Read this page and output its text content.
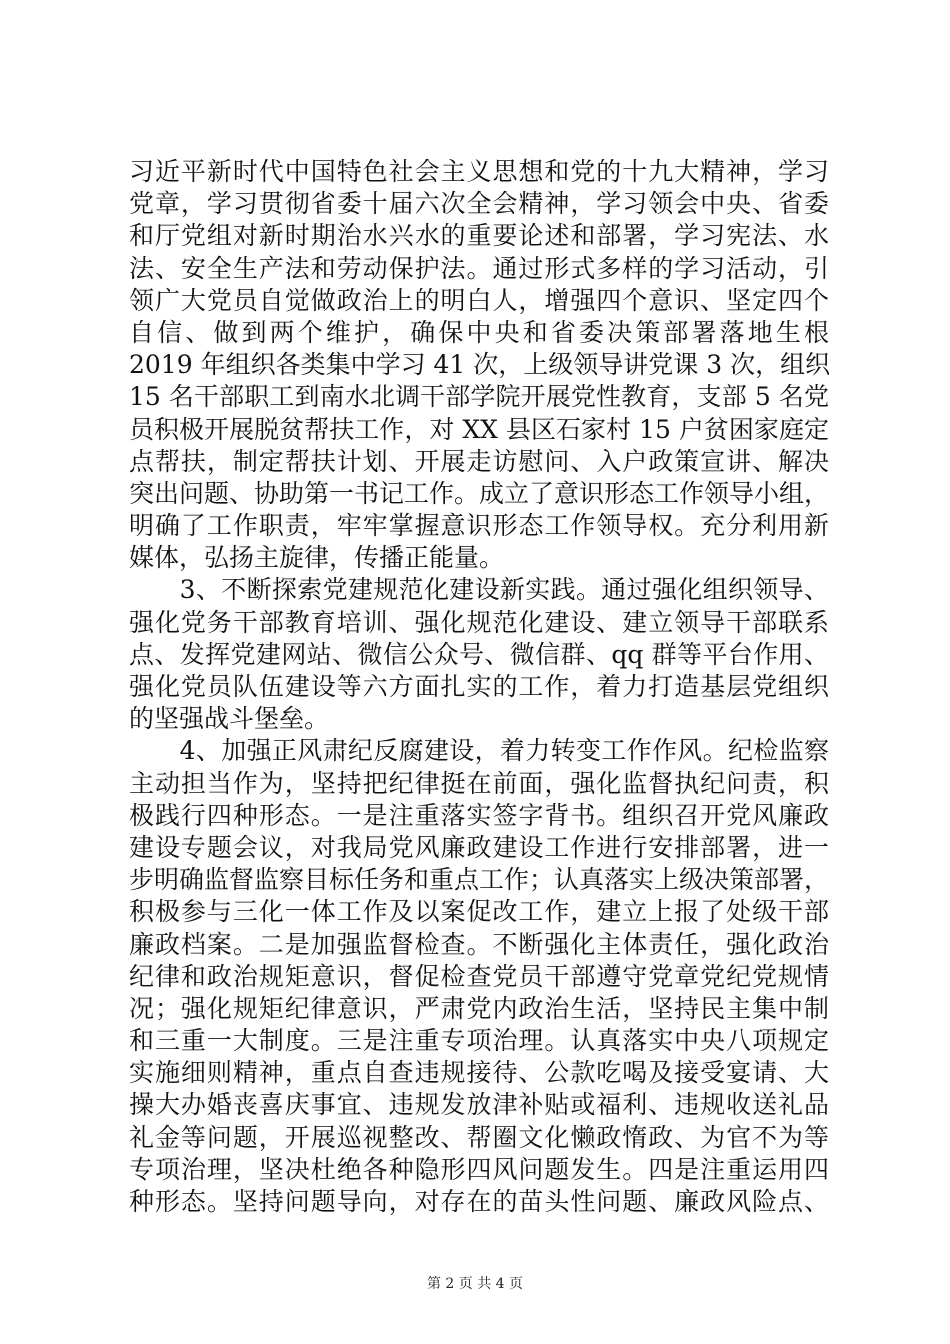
习近平新时代中国特色社会主义思想和党的十九大精神，学习
党章，学习贯彻省委十届六次全会精神，学习领会中央、省委
和厅党组对新时期治水兴水的重要论述和部署，学习宪法、水
法、安全生产法和劳动保护法。通过形式多样的学习活动，引
领广大党员自觉做政治上的明白人，增强四个意识、坚定四个
自信、做到两个维护，确保中央和省委决策部署落地生根
2019 年组织各类集中学习 41 次，上级领导讲党课 3 次，组织
15 名干部职工到南水北调干部学院开展党性教育，支部 5 名党
员积极开展脱贫帮扶工作，对 XX 县区石家村 15 户贫困家庭定
点帮扶，制定帮扶计划、开展走访慰问、入户政策宣讲、解决
突出问题、协助第一书记工作。成立了意识形态工作领导小组，
明确了工作职责，牢牢掌握意识形态工作领导权。充分利用新
媒体，弘扬主旋律，传播正能量。
　　3、不断探索党建规范化建设新实践。通过强化组织领导、
强化党务干部教育培训、强化规范化建设、建立领导干部联系
点、发挥党建网站、微信公众号、微信群、qq 群等平台作用、
强化党员队伍建设等六方面扎实的工作，着力打造基层党组织
的坚强战斗堡垒。
　　4、加强正风肃纪反腐建设，着力转变工作作风。纪检监察
主动担当作为，坚持把纪律挺在前面，强化监督执纪问责，积
极践行四种形态。一是注重落实签字背书。组织召开党风廉政
建设专题会议，对我局党风廉政建设工作进行安排部署，进一
步明确监督监察目标任务和重点工作；认真落实上级决策部署，
积极参与三化一体工作及以案促改工作，建立上报了处级干部
廉政档案。二是加强监督检查。不断强化主体责任，强化政治
纪律和政治规矩意识，督促检查党员干部遵守党章党纪党规情
况；强化规矩纪律意识，严肃党内政治生活，坚持民主集中制
和三重一大制度。三是注重专项治理。认真落实中央八项规定
实施细则精神，重点自查违规接待、公款吃喝及接受宴请、大
操大办婚丧喜庆事宜、违规发放津补贴或福利、违规收送礼品
礼金等问题，开展巡视整改、帮圈文化懒政惰政、为官不为等
专项治理，坚决杜绝各种隐形四风问题发生。四是注重运用四
种形态。坚持问题导向，对存在的苗头性问题、廉政风险点、
第 2 页 共 4 页
